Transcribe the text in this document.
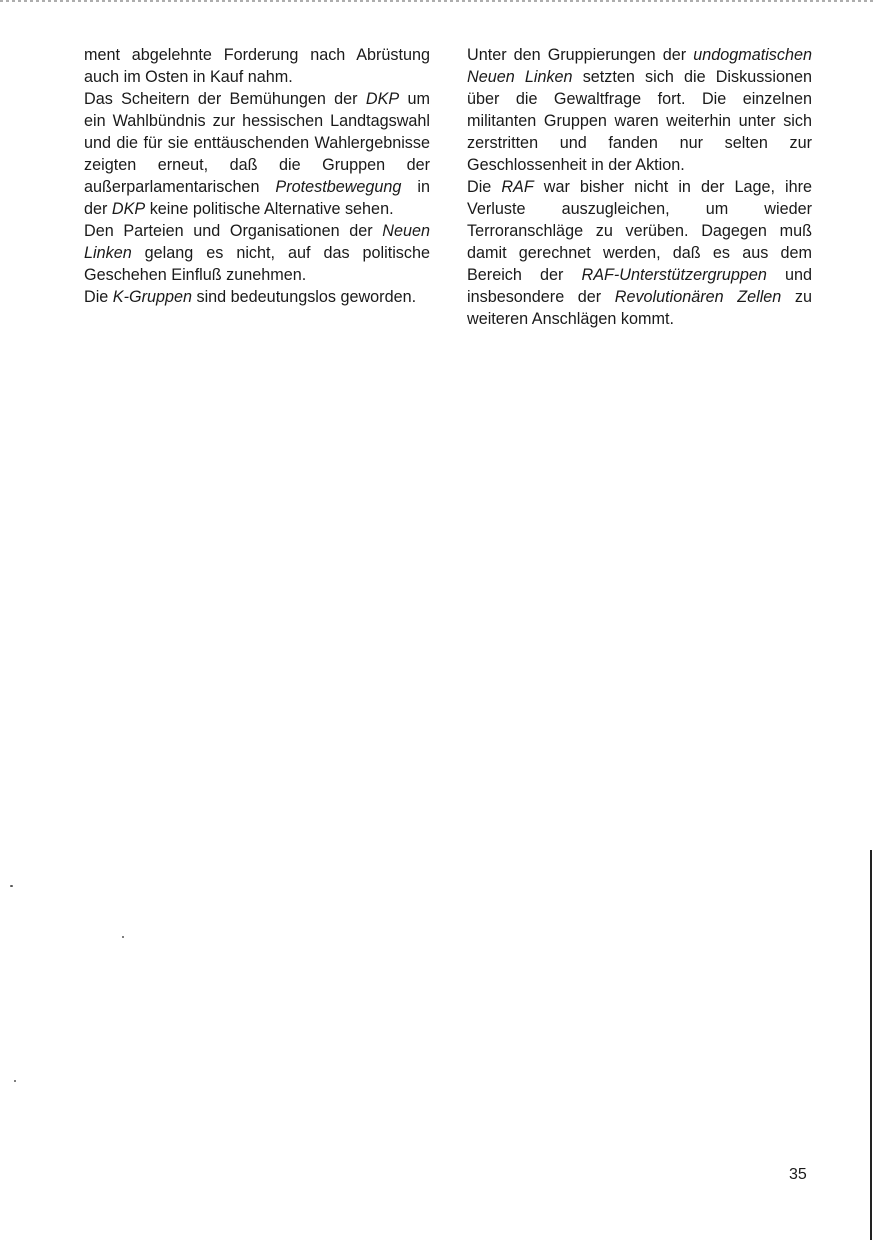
ment abgelehnte Forderung nach Abrüstung auch im Osten in Kauf nahm.

Das Scheitern der Bemühungen der DKP um ein Wahlbündnis zur hessischen Landtagswahl und die für sie enttäuschenden Wahlergebnisse zeigten erneut, daß die Gruppen der außerparlamentarischen Protestbewegung in der DKP keine politische Alternative sehen.

Den Parteien und Organisationen der Neuen Linken gelang es nicht, auf das politische Geschehen Einfluß zunehmen.

Die K-Gruppen sind bedeutungslos geworden.

Unter den Gruppierungen der undogmatischen Neuen Linken setzten sich die Diskussionen über die Gewaltfrage fort. Die einzelnen militanten Gruppen waren weiterhin unter sich zerstritten und fanden nur selten zur Geschlossenheit in der Aktion.

Die RAF war bisher nicht in der Lage, ihre Verluste auszugleichen, um wieder Terroranschläge zu verüben. Dagegen muß damit gerechnet werden, daß es aus dem Bereich der RAF-Unterstützergruppen und insbesondere der Revolutionären Zellen zu weiteren Anschlägen kommt.

35
